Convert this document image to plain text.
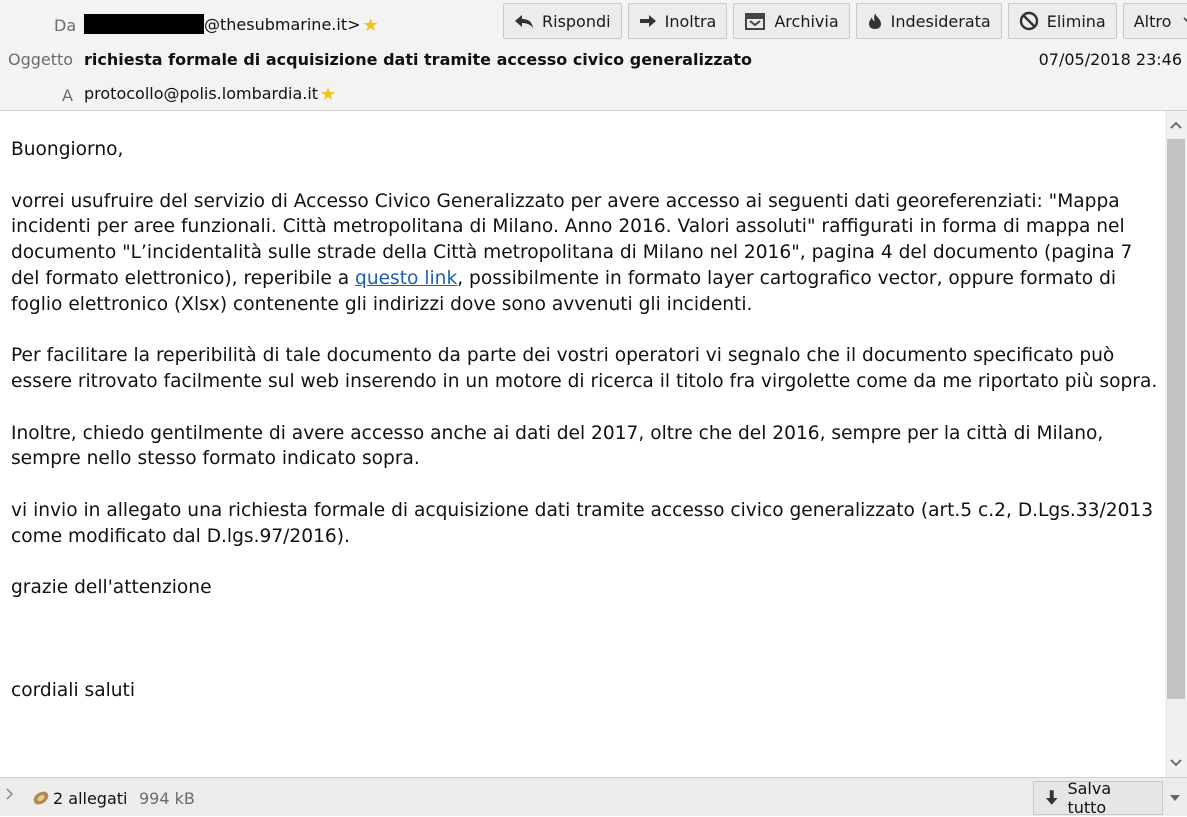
Da	@thesubmarine.it> ★	Rispondi	Inoltra	Archivia	Indesiderata	Elimina Altro
Oggetto richiesta formale di acquisizione dati tramite accesso civico generalizzato	07/05/2018 23:46
A protocollo@polis.lombardia.it ★

Buongiorno,

vorrei usufruire del servizio di Accesso Civico Generalizzato per avere accesso ai seguenti dati georeferenziati: "Mappa incidenti per aree funzionali. Città metropolitana di Milano. Anno 2016. Valori assoluti" raffigurati in forma di mappa nel documento "L’incidentalità sulle strade della Città metropolitana di Milano nel 2016", pagina 4 del documento (pagina 7 del formato elettronico), reperibile a questo link, possibilmente in formato layer cartografico vector, oppure formato di foglio elettronico (Xlsx) contenente gli indirizzi dove sono avvenuti gli incidenti.

Per facilitare la reperibilità di tale documento da parte dei vostri operatori vi segnalo che il documento specificato può essere ritrovato facilmente sul web inserendo in un motore di ricerca il titolo fra virgolette come da me riportato più sopra.

Inoltre, chiedo gentilmente di avere accesso anche ai dati del 2017, oltre che del 2016, sempre per la città di Milano, sempre nello stesso formato indicato sopra.

vi invio in allegato una richiesta formale di acquisizione dati tramite accesso civico generalizzato (art.5 c.2, D.Lgs.33/2013 come modificato dal D.lgs.97/2016).

grazie dell'attenzione

cordiali saluti

2 allegati 994 kB
Salva tutto
